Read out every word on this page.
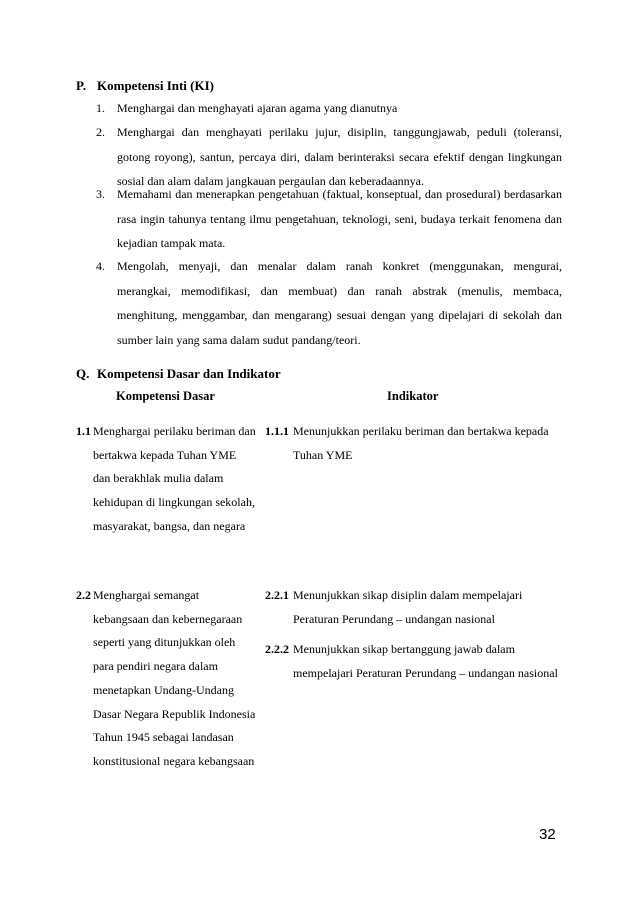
P. Kompetensi Inti (KI)
1. Menghargai dan menghayati ajaran agama yang dianutnya
2. Menghargai dan menghayati perilaku jujur, disiplin, tanggungjawab, peduli (toleransi, gotong royong), santun, percaya diri, dalam berinteraksi secara efektif dengan lingkungan sosial dan alam dalam jangkauan pergaulan dan keberadaannya.
3. Memahami dan menerapkan pengetahuan (faktual, konseptual, dan prosedural) berdasarkan rasa ingin tahunya tentang ilmu pengetahuan, teknologi, seni, budaya terkait fenomena dan kejadian tampak mata.
4. Mengolah, menyaji, dan menalar dalam ranah konkret (menggunakan, mengurai, merangkai, memodifikasi, dan membuat) dan ranah abstrak (menulis, membaca, menghitung, menggambar, dan mengarang) sesuai dengan yang dipelajari di sekolah dan sumber lain yang sama dalam sudut pandang/teori.
Q. Kompetensi Dasar dan Indikator
Kompetensi Dasar	Indikator
1.1 Menghargai perilaku beriman dan bertakwa kepada Tuhan YME dan berakhlak mulia dalam kehidupan di lingkungan sekolah, masyarakat, bangsa, dan negara
1.1.1 Menunjukkan perilaku beriman dan bertakwa kepada Tuhan YME
2.2 Menghargai semangat kebangsaan dan kebernegaraan seperti yang ditunjukkan oleh para pendiri negara dalam menetapkan Undang-Undang Dasar Negara Republik Indonesia Tahun 1945 sebagai landasan konstitusional negara kebangsaan
2.2.1 Menunjukkan sikap disiplin dalam mempelajari Peraturan Perundang – undangan nasional
2.2.2 Menunjukkan sikap bertanggung jawab dalam mempelajari Peraturan Perundang – undangan nasional
32
